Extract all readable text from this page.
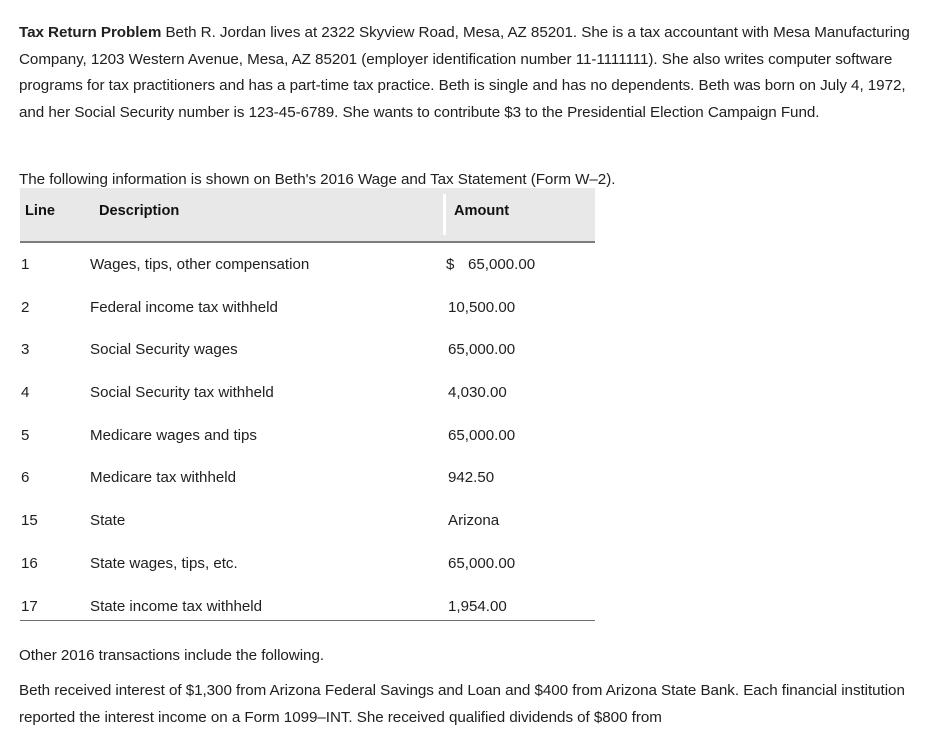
Tax Return Problem Beth R. Jordan lives at 2322 Skyview Road, Mesa, AZ 85201. She is a tax accountant with Mesa Manufacturing Company, 1203 Western Avenue, Mesa, AZ 85201 (employer identification number 11-1111111). She also writes computer software programs for tax practitioners and has a part-time tax practice. Beth is single and has no dependents. Beth was born on July 4, 1972, and her Social Security number is 123-45-6789. She wants to contribute $3 to the Presidential Election Campaign Fund.

The following information is shown on Beth's 2016 Wage and Tax Statement (Form W–2).

Line	Description	Amount
1	Wages, tips, other compensation	$ 65,000.00
2	Federal income tax withheld	10,500.00
3	Social Security wages	65,000.00
4	Social Security tax withheld	4,030.00
5	Medicare wages and tips	65,000.00
6	Medicare tax withheld	942.50
15	State	Arizona
16	State wages, tips, etc.	65,000.00
17	State income tax withheld	1,954.00

Other 2016 transactions include the following.

Beth received interest of $1,300 from Arizona Federal Savings and Loan and $400 from Arizona State Bank. Each financial institution reported the interest income on a Form 1099–INT. She received qualified dividends of $800 from
